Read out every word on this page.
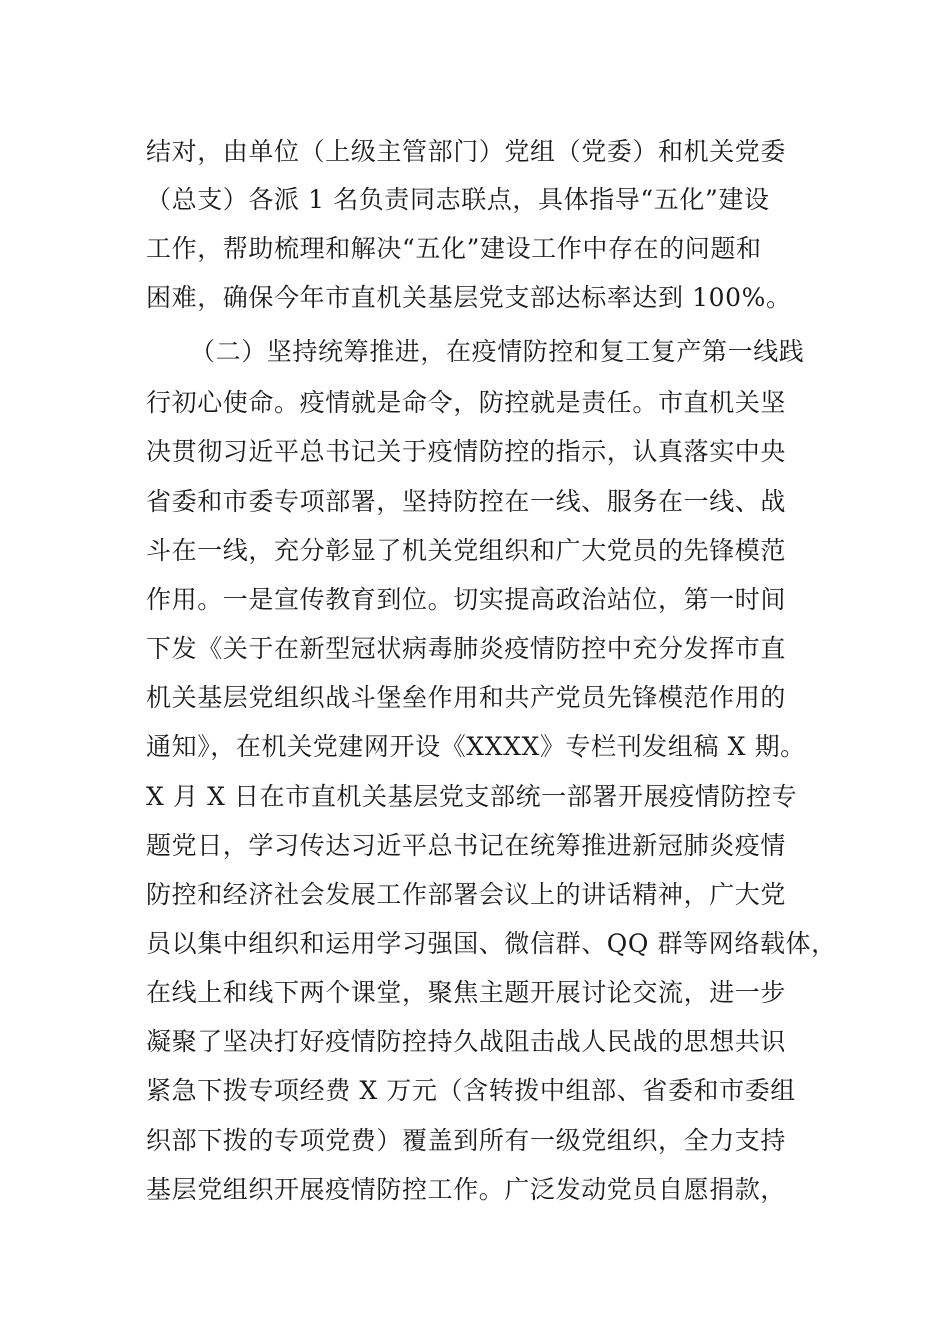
结对，由单位（上级主管部门）党组（党委）和机关党委
（总支）各派 1 名负责同志联点，具体指导“五化”建设
工作，帮助梳理和解决“五化”建设工作中存在的问题和
困难，确保今年市直机关基层党支部达标率达到 100%。
（二）坚持统筹推进，在疫情防控和复工复产第一线践
行初心使命。疫情就是命令，防控就是责任。市直机关坚
决贯彻习近平总书记关于疫情防控的指示，认真落实中央
省委和市委专项部署，坚持防控在一线、服务在一线、战
斗在一线，充分彰显了机关党组织和广大党员的先锋模范
作用。一是宣传教育到位。切实提高政治站位，第一时间
下发《关于在新型冠状病毒肺炎疫情防控中充分发挥市直
机关基层党组织战斗堡垒作用和共产党员先锋模范作用的
通知》，在机关党建网开设《XXXX》专栏刊发组稿 X 期。
X 月 X 日在市直机关基层党支部统一部署开展疫情防控专
题党日，学习传达习近平总书记在统筹推进新冠肺炎疫情
防控和经济社会发展工作部署会议上的讲话精神，广大党
员以集中组织和运用学习强国、微信群、QQ 群等网络载体，
在线上和线下两个课堂，聚焦主题开展讨论交流，进一步
凝聚了坚决打好疫情防控持久战阻击战人民战的思想共识
紧急下拨专项经费 X 万元（含转拨中组部、省委和市委组
织部下拨的专项党费）覆盖到所有一级党组织，全力支持
基层党组织开展疫情防控工作。广泛发动党员自愿捐款，
